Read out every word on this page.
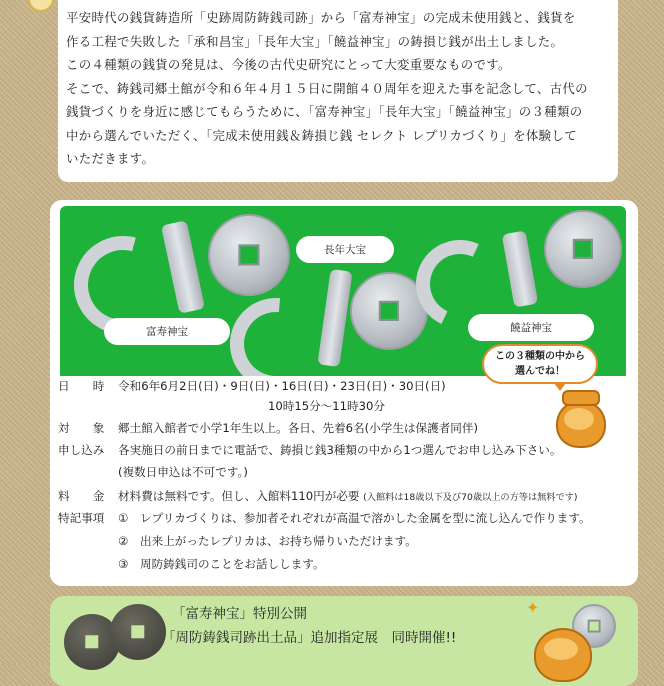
平安時代の銭貨鋳造所「史跡周防鋳銭司跡」から「富寿神宝」の完成未使用銭と、銭貨を

作る工程で失敗した「承和昌宝」「長年大宝」「饒益神宝」の鋳損じ銭が出土しました。

この４種類の銭貨の発見は、今後の古代史研究にとって大変重要なものです。

そこで、鋳銭司郷土館が令和６年４月１５日に開館４０周年を迎えた事を記念して、古代の

銭貨づくりを身近に感じてもらうために、「富寿神宝」「長年大宝」「饒益神宝」の３種類の

中から選んでいただく、「完成未使用銭＆鋳損じ銭 セレクト レプリカづくり」を体験して

いただきます。

長年大宝
富寿神宝	饒益神宝
この３種類の中から
選んでね！
日　　時 令和6年6月2日(日)・9日(日)・16日(日)・23日(日)・30日(日)
10時15分～11時30分
対　　象 郷土館入館者で小学1年生以上。各日、先着6名(小学生は保護者同伴)
申し込み 各実施日の前日までに電話で、鋳損じ銭3種類の中から1つ選んでお申し込み下さい。
(複数日申込は不可です。)
料　　金 材料費は無料です。但し、入館料110円が必要 (入館料は18歳以下及び70歳以上の方等は無料です)
特記事項 ①　レプリカづくりは、参加者それぞれが高温で溶かした金属を型に流し込んで作ります。
②　出来上がったレプリカは、お持ち帰りいただけます。
③　周防鋳銭司のことをお話しします。
「富寿神宝」特別公開
「周防鋳銭司跡出土品」追加指定展　同時開催!!
✦
